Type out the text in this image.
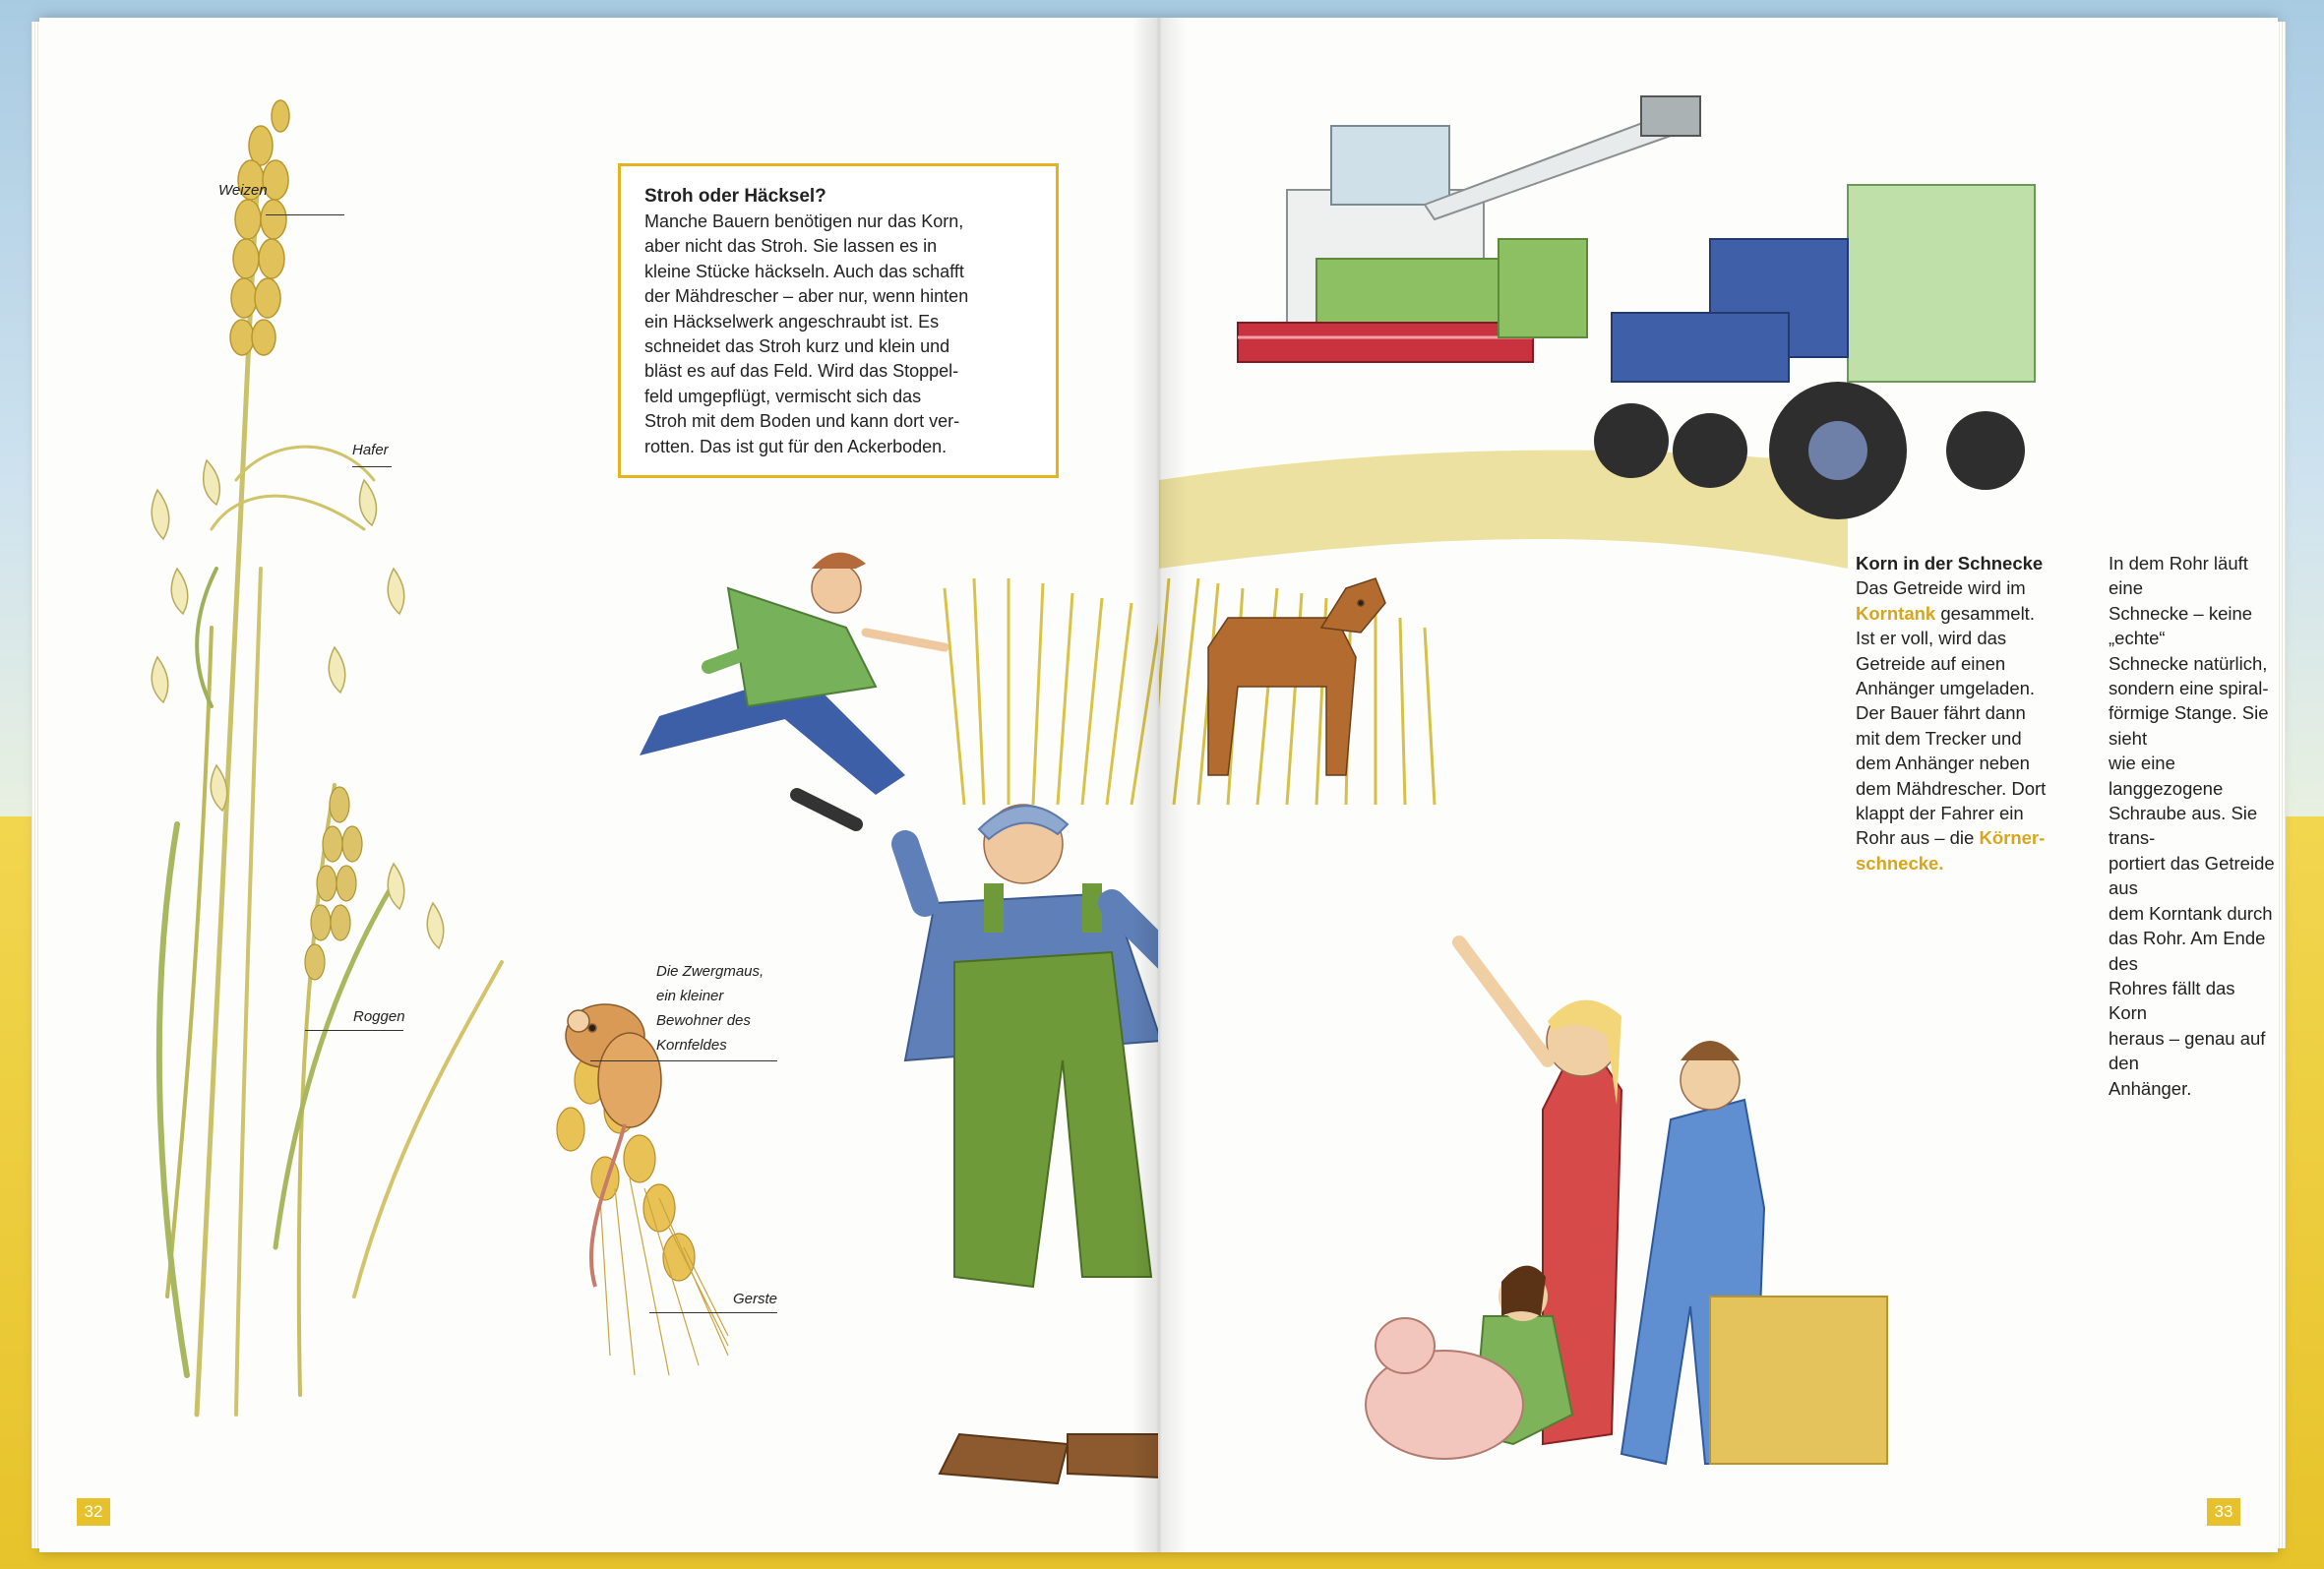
Weizen
Hafer
Roggen
Gerste
Die Zwergmaus,
ein kleiner
Bewohner des
Kornfeldes
Stroh oder Häcksel?

Manche Bauern benötigen nur das Korn,

aber nicht das Stroh. Sie lassen es in

kleine Stücke häckseln. Auch das schafft

der Mähdrescher – aber nur, wenn hinten

ein Häckselwerk angeschraubt ist. Es

schneidet das Stroh kurz und klein und

bläst es auf das Feld. Wird das Stoppel-

feld umgepflügt, vermischt sich das

Stroh mit dem Boden und kann dort ver-

rotten. Das ist gut für den Ackerboden.

32
Korn in der Schnecke
Das Getreide wird im
Korntank gesammelt.
Ist er voll, wird das
Getreide auf einen
Anhänger umgeladen.
Der Bauer fährt dann
mit dem Trecker und
dem Anhänger neben
dem Mähdrescher. Dort
klappt der Fahrer ein
Rohr aus – die Körner-
schnecke.
In dem Rohr läuft eine
Schnecke – keine „echte“
Schnecke natürlich,
sondern eine spiral-
förmige Stange. Sie sieht
wie eine langgezogene
Schraube aus. Sie trans-
portiert das Getreide aus
dem Korntank durch
das Rohr. Am Ende des
Rohres fällt das Korn
heraus – genau auf den
Anhänger.
33
